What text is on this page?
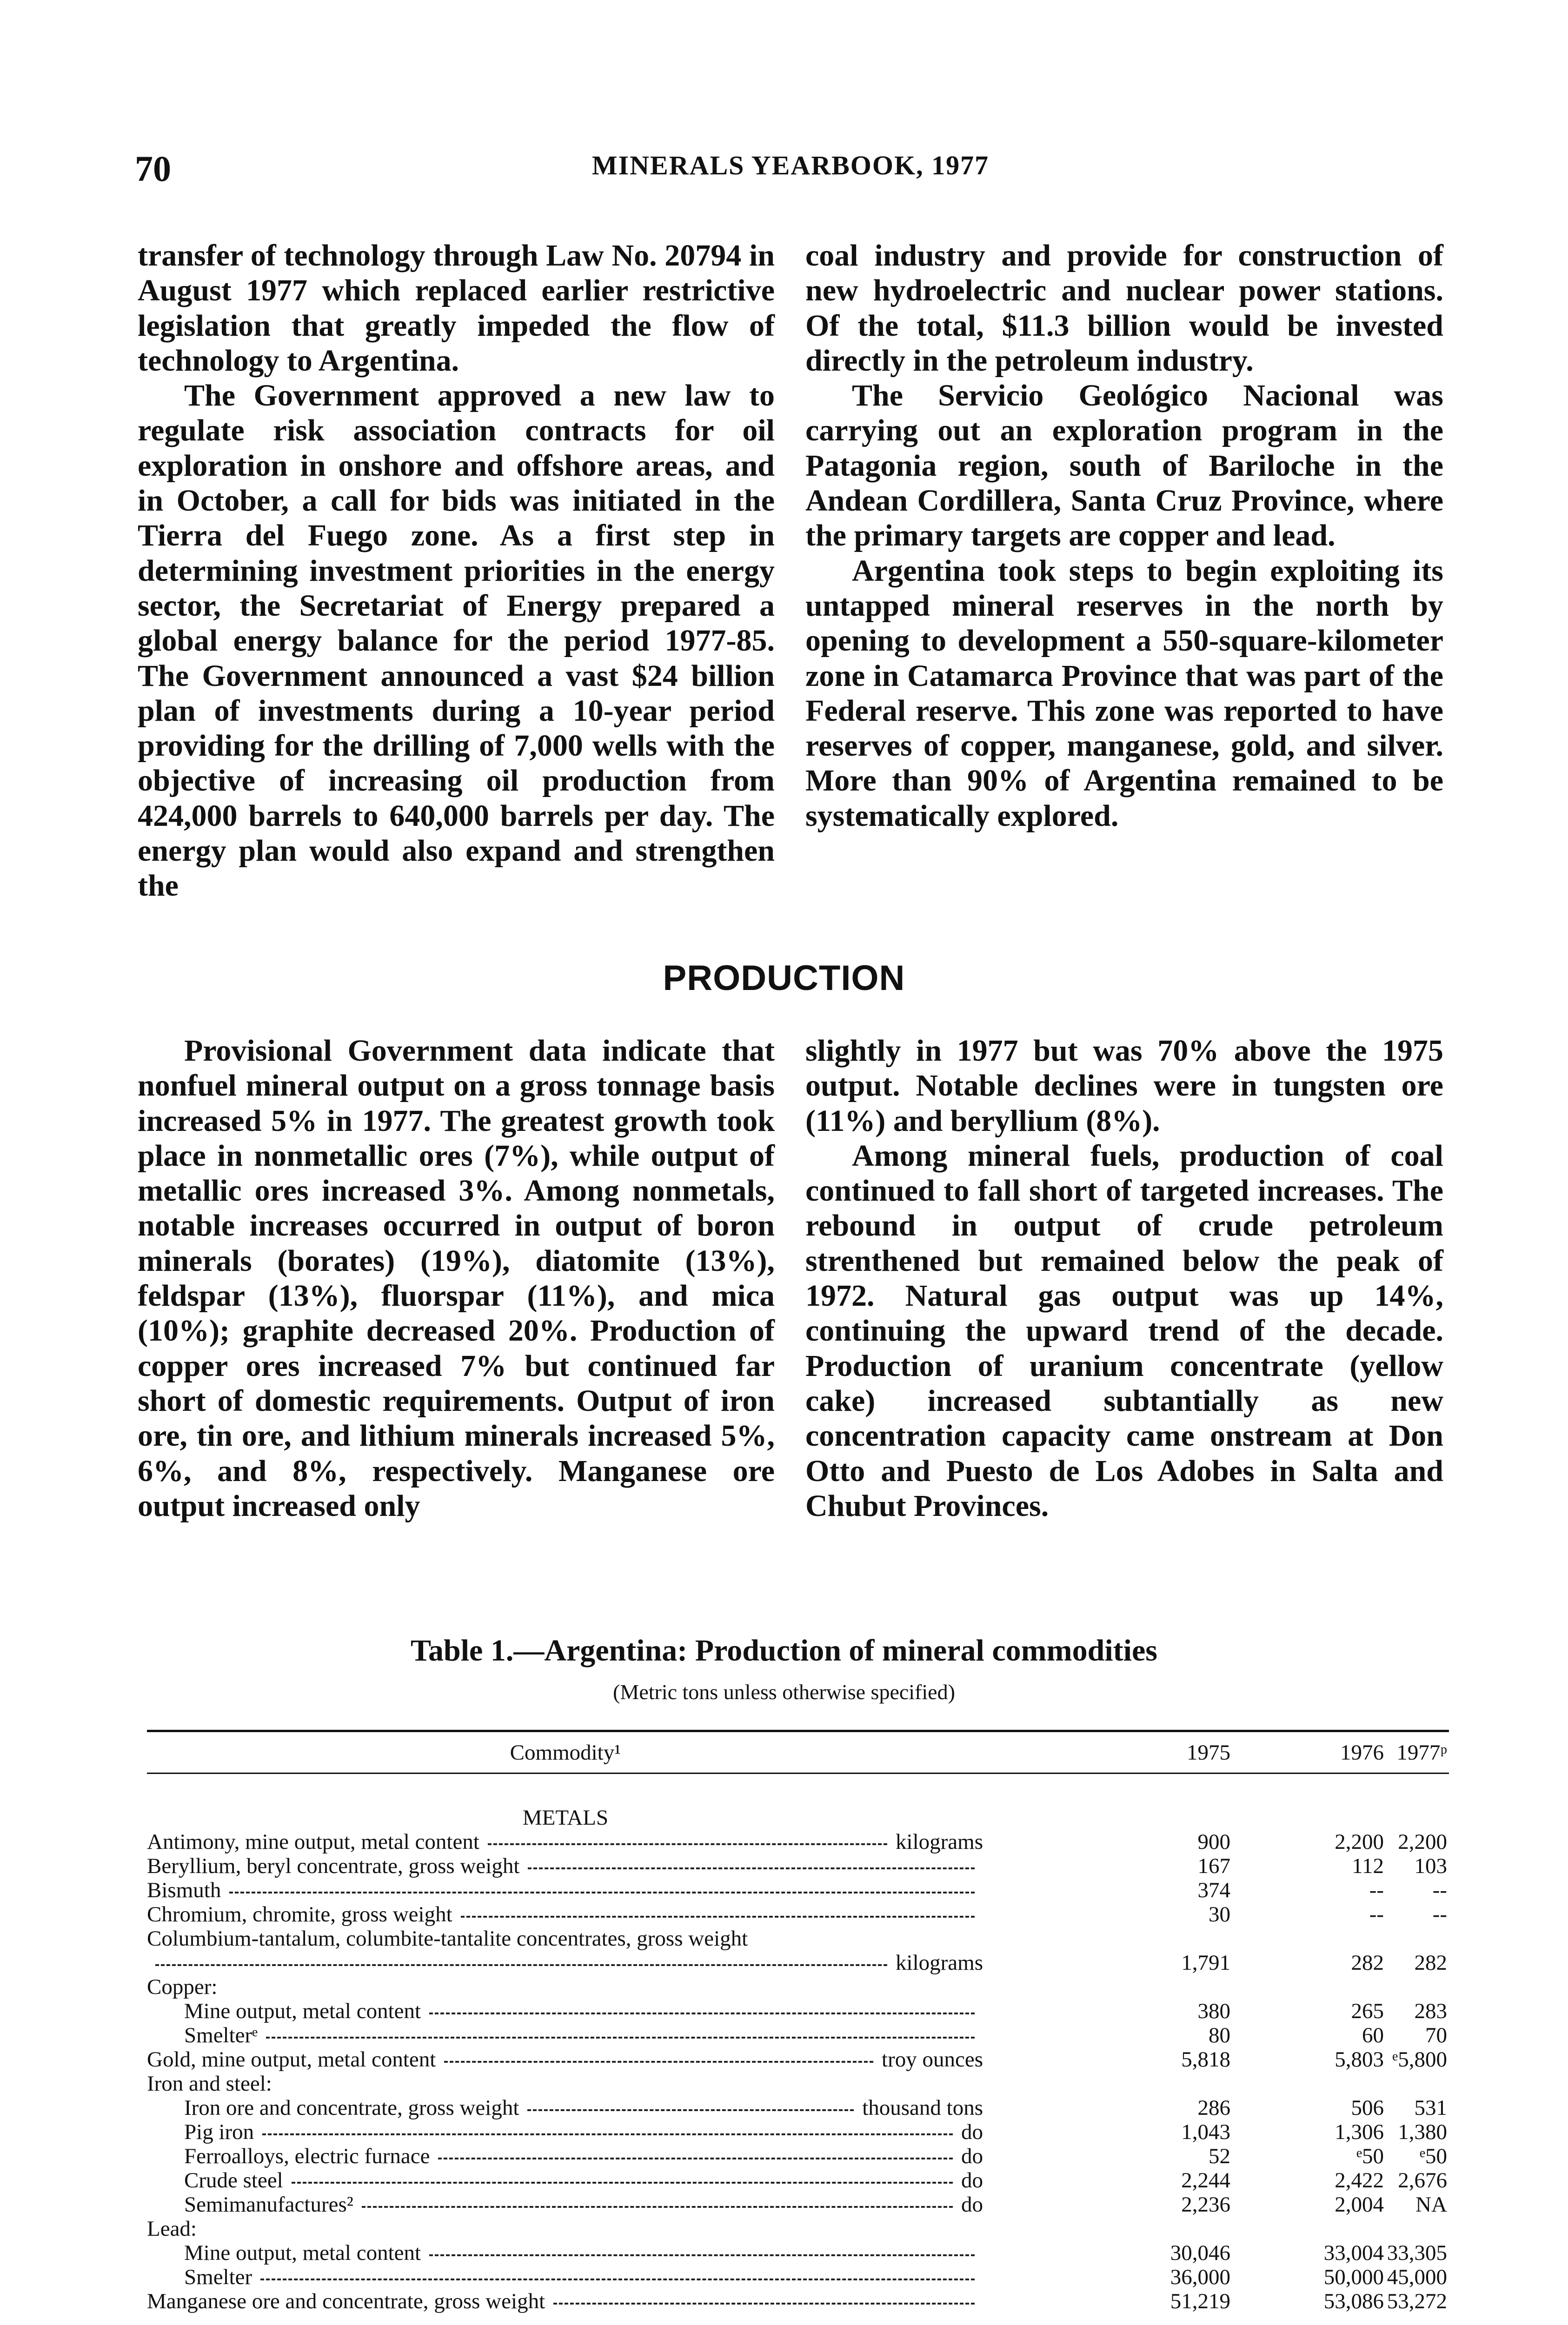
70	MINERALS YEARBOOK, 1977

transfer of technology through Law No. 20794 in August 1977 which replaced earlier restrictive legislation that greatly impeded the flow of technology to Argentina.

The Government approved a new law to regulate risk association contracts for oil exploration in onshore and offshore areas, and in October, a call for bids was initiated in the Tierra del Fuego zone. As a first step in determining investment priorities in the energy sector, the Secretariat of Energy prepared a global energy balance for the period 1977-85. The Government announced a vast $24 billion plan of investments during a 10-year period providing for the drilling of 7,000 wells with the objective of increasing oil production from 424,000 barrels to 640,000 barrels per day. The energy plan would also expand and strengthen the

coal industry and provide for construction of new hydroelectric and nuclear power stations. Of the total, $11.3 billion would be invested directly in the petroleum industry.

The Servicio Geológico Nacional was carrying out an exploration program in the Patagonia region, south of Bariloche in the Andean Cordillera, Santa Cruz Province, where the primary targets are copper and lead.

Argentina took steps to begin exploiting its untapped mineral reserves in the north by opening to development a 550-square-kilometer zone in Catamarca Province that was part of the Federal reserve. This zone was reported to have reserves of copper, manganese, gold, and silver. More than 90% of Argentina remained to be systematically explored.

PRODUCTION

Provisional Government data indicate that nonfuel mineral output on a gross tonnage basis increased 5% in 1977. The greatest growth took place in nonmetallic ores (7%), while output of metallic ores increased 3%. Among nonmetals, notable increases occurred in output of boron minerals (borates) (19%), diatomite (13%), feldspar (13%), fluorspar (11%), and mica (10%); graphite decreased 20%. Production of copper ores increased 7% but continued far short of domestic requirements. Output of iron ore, tin ore, and lithium minerals increased 5%, 6%, and 8%, respectively. Manganese ore output increased only

slightly in 1977 but was 70% above the 1975 output. Notable declines were in tungsten ore (11%) and beryllium (8%).

Among mineral fuels, production of coal continued to fall short of targeted increases. The rebound in output of crude petroleum strenthened but remained below the peak of 1972. Natural gas output was up 14%, continuing the upward trend of the decade. Production of uranium concentrate (yellow cake) increased subtantially as new concentration capacity came onstream at Don Otto and Puesto de Los Adobes in Salta and Chubut Provinces.

Table 1.—Argentina: Production of mineral commodities
(Metric tons unless otherwise specified)
Commodity¹	1975	1976 1977ᵖ
METALS
Antimony, mine output, metal content	kilograms	900	2,200 2,200
Beryllium, beryl concentrate, gross weight	167	112	103
Bismuth	374	--	--
Chromium, chromite, gross weight	30	--	--
Columbium-tantalum, columbite-tantalite concentrates, gross weight
kilograms	1,791	282	282
Copper:
Mine output, metal content	380	265	283
Smelterᵉ	80	60	70
Gold, mine output, metal content	troy ounces	5,818	5,803 ᵉ5,800
Iron and steel:
Iron ore and concentrate, gross weight	thousand tons	286	506	531
Pig iron	do	1,043	1,306 1,380
Ferroalloys, electric furnace	do	52	ᵉ50	ᵉ50
Crude steel	do	2,244	2,422 2,676
Semimanufactures²	do	2,236	2,004	NA
Lead:
Mine output, metal content	30,046	33,004 33,305
Smelter	36,000	50,000 45,000
Manganese ore and concentrate, gross weight	51,219	53,086 53,272
